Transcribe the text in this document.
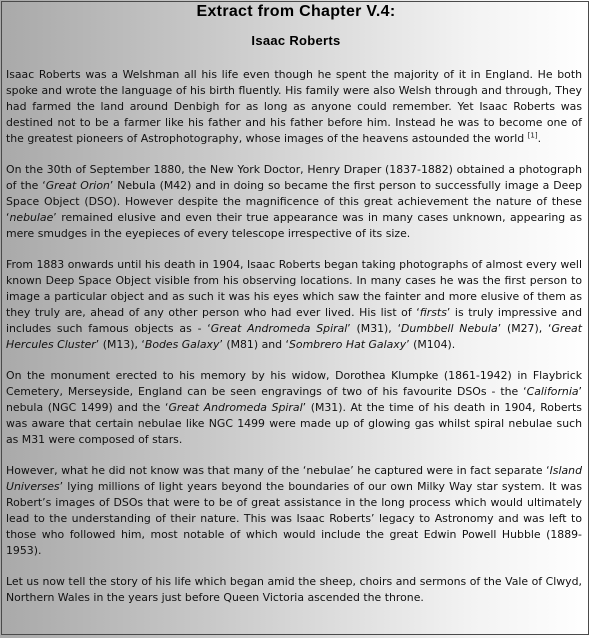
Extract from Chapter V.4:
Isaac Roberts

Isaac Roberts was a Welshman all his life even though he spent the majority of it in England. He both spoke and wrote the language of his birth fluently. His family were also Welsh through and through, They had farmed the land around Denbigh for as long as anyone could remember. Yet Isaac Roberts was destined not to be a farmer like his father and his father before him. Instead he was to become one of the greatest pioneers of Astrophotography, whose images of the heavens astounded the world [1].

On the 30th of September 1880, the New York Doctor, Henry Draper (1837-1882) obtained a photograph of the ‘Great Orion’ Nebula (M42) and in doing so became the first person to successfully image a Deep Space Object (DSO). However despite the magnificence of this great achievement the nature of these ‘nebulae’ remained elusive and even their true appearance was in many cases unknown, appearing as mere smudges in the eyepieces of every telescope irrespective of its size.

From 1883 onwards until his death in 1904, Isaac Roberts began taking photographs of almost every well known Deep Space Object visible from his observing locations. In many cases he was the first person to image a particular object and as such it was his eyes which saw the fainter and more elusive of them as they truly are, ahead of any other person who had ever lived. His list of ‘firsts’ is truly impressive and includes such famous objects as - ‘Great Andromeda Spiral’ (M31), ‘Dumbbell Nebula’ (M27), ‘Great Hercules Cluster’ (M13), ‘Bodes Galaxy’ (M81) and ‘Sombrero Hat Galaxy’ (M104).

On the monument erected to his memory by his widow, Dorothea Klumpke (1861-1942) in Flaybrick Cemetery, Merseyside, England can be seen engravings of two of his favourite DSOs - the ‘California’ nebula (NGC 1499) and the ‘Great Andromeda Spiral’ (M31). At the time of his death in 1904, Roberts was aware that certain nebulae like NGC 1499 were made up of glowing gas whilst spiral nebulae such as M31 were composed of stars.

However, what he did not know was that many of the ‘nebulae’ he captured were in fact separate ‘Island Universes’ lying millions of light years beyond the boundaries of our own Milky Way star system. It was Robert’s images of DSOs that were to be of great assistance in the long process which would ultimately lead to the understanding of their nature. This was Isaac Roberts’ legacy to Astronomy and was left to those who followed him, most notable of which would include the great Edwin Powell Hubble (1889-1953).

Let us now tell the story of his life which began amid the sheep, choirs and sermons of the Vale of Clwyd, Northern Wales in the years just before Queen Victoria ascended the throne.
